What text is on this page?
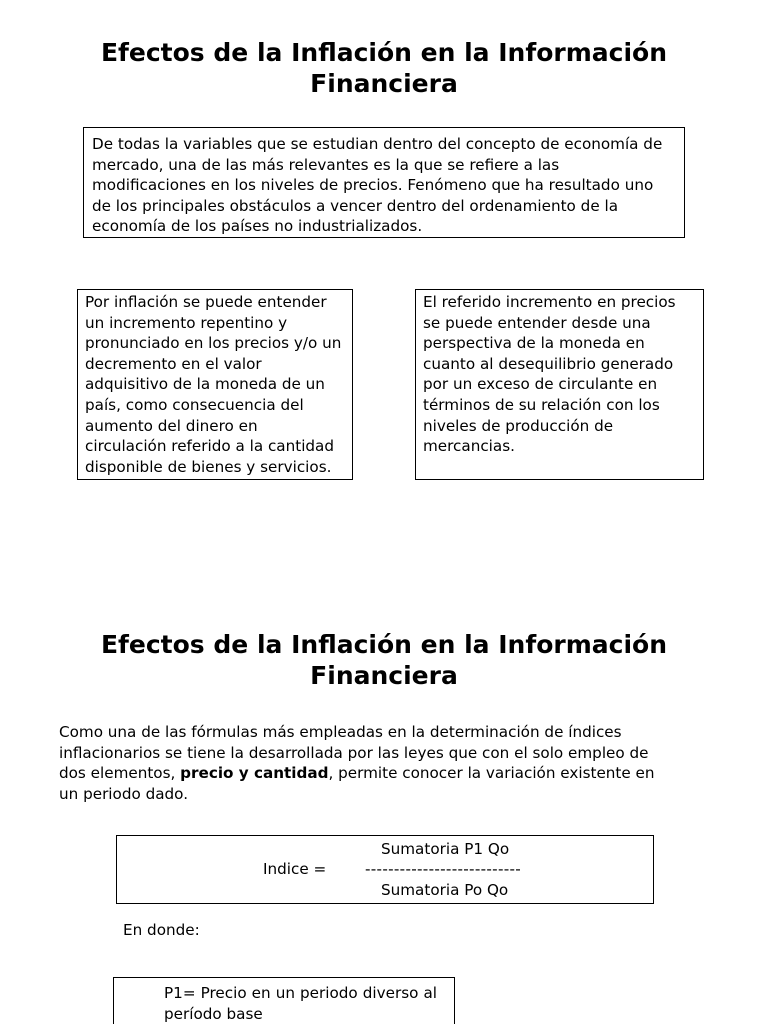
Efectos de la Inflación en la Información
Financiera
De todas la variables que se estudian dentro del concepto de economía de mercado, una de las más relevantes es la que se refiere a las modificaciones en los niveles de precios. Fenómeno que ha resultado uno de los principales obstáculos a vencer dentro del ordenamiento de la economía de los países no industrializados.
Por inflación se puede entender un incremento repentino y pronunciado en los precios y/o un decremento en el valor adquisitivo de la moneda de un país, como consecuencia del aumento del dinero en circulación referido a la cantidad disponible de bienes y servicios.
El referido incremento en precios se puede entender desde una perspectiva de la moneda en cuanto al desequilibrio generado por un exceso de circulante en términos de su relación con los niveles de producción de mercancias.
Efectos de la Inflación en la Información
Financiera

Como una de las fórmulas más empleadas en la determinación de índices inflacionarios se tiene la desarrollada por las leyes que con el solo empleo de dos elementos, precio y cantidad, permite conocer la variación existente en un periodo dado.

Indice =
Sumatoria P1 Qo
---------------------------
Sumatoria Po Qo

En donde:

P1= Precio en un periodo diverso al período base
